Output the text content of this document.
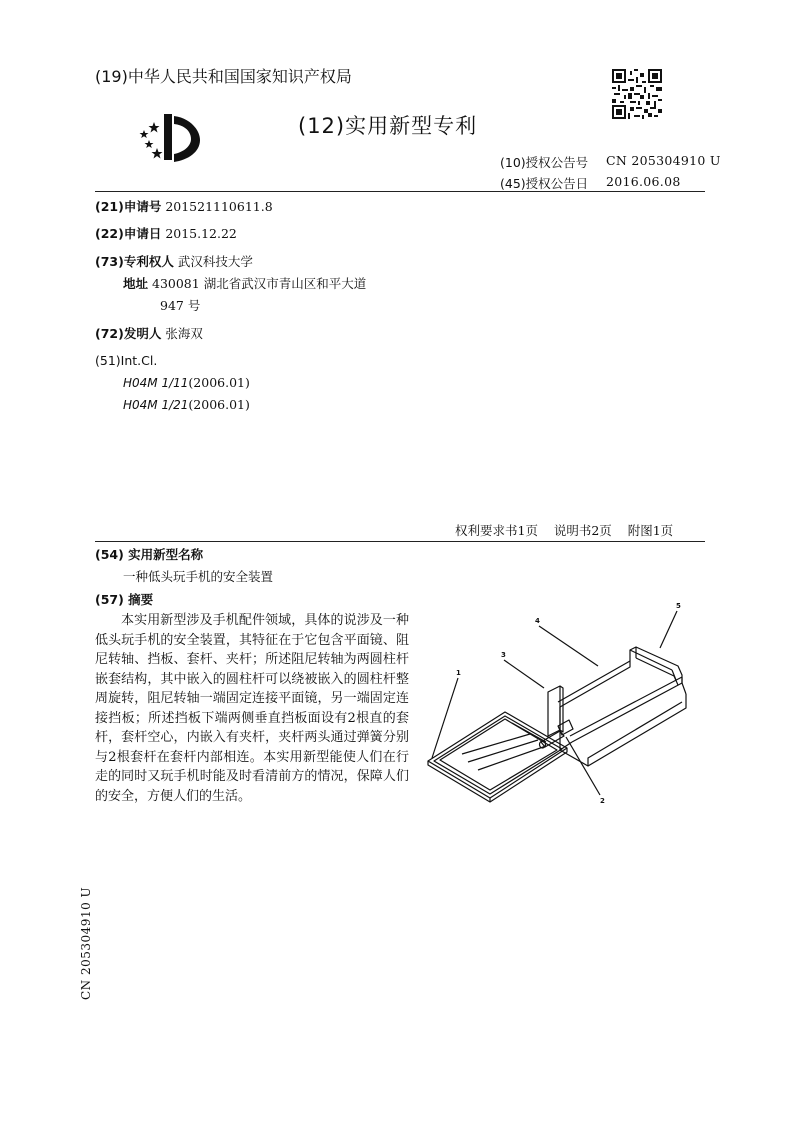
(19)中华人民共和国国家知识产权局
(12)实用新型专利
(10)授权公告号 CN 205304910 U
(45)授权公告日 2016.06.08
(21)申请号 201521110611.8
(22)申请日 2015.12.22
(73)专利权人 武汉科技大学
地址 430081 湖北省武汉市青山区和平大道
947 号
(72)发明人 张海双
(51)Int.Cl.
H04M 1/11(2006.01)
H04M 1/21(2006.01)
权利要求书1页    说明书2页    附图1页
(54) 实用新型名称
一种低头玩手机的安全装置
(57) 摘要
本实用新型涉及手机配件领域，具体的说涉及一种低头玩手机的安全装置，其特征在于它包含平面镜、阻尼转轴、挡板、套杆、夹杆；所述阻尼转轴为两圆柱杆嵌套结构，其中嵌入的圆柱杆可以绕被嵌入的圆柱杆整周旋转，阻尼转轴一端固定连接平面镜，另一端固定连接挡板；所述挡板下端两侧垂直挡板面设有2根直的套杆，套杆空心，内嵌入有夹杆，夹杆两头通过弹簧分别与2根套杆在套杆内部相连。本实用新型能使人们在行走的同时又玩手机时能及时看清前方的情况，保障人们的安全，方便人们的生活。
1
2
3
4
5
CN 205304910 U
